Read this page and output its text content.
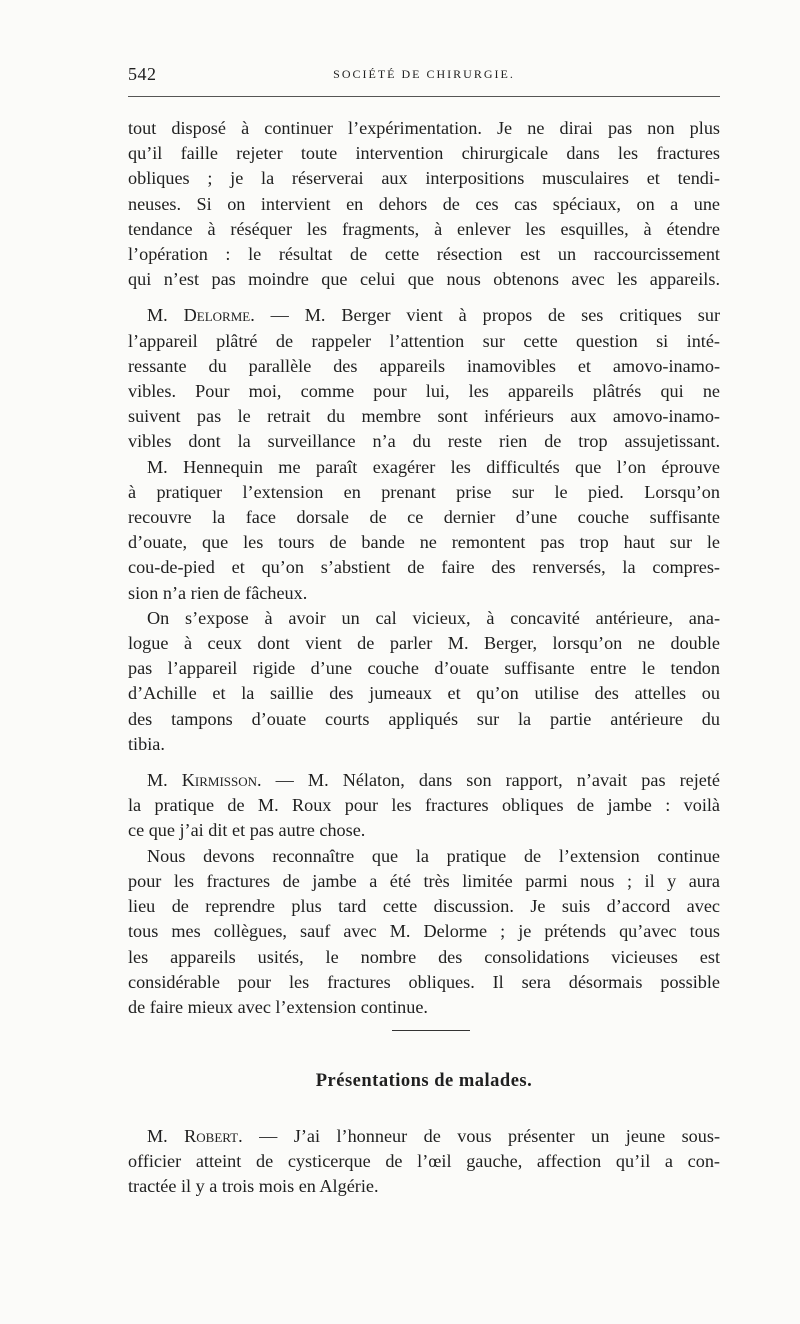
542	SOCIÉTÉ DE CHIRURGIE.

tout disposé à continuer l’expérimentation. Je ne dirai pas non plus
qu’il faille rejeter toute intervention chirurgicale dans les fractures
obliques ; je la réserverai aux interpositions musculaires et tendi-
neuses. Si on intervient en dehors de ces cas spéciaux, on a une
tendance à réséquer les fragments, à enlever les esquilles, à étendre
l’opération : le résultat de cette résection est un raccourcissement
qui n’est pas moindre que celui que nous obtenons avec les appareils.

M. Delorme. — M. Berger vient à propos de ses critiques sur
l’appareil plâtré de rappeler l’attention sur cette question si inté-
ressante du parallèle des appareils inamovibles et amovo-inamo-
vibles. Pour moi, comme pour lui, les appareils plâtrés qui ne
suivent pas le retrait du membre sont inférieurs aux amovo-inamo-
vibles dont la surveillance n’a du reste rien de trop assujetissant.

M. Hennequin me paraît exagérer les difficultés que l’on éprouve
à pratiquer l’extension en prenant prise sur le pied. Lorsqu’on
recouvre la face dorsale de ce dernier d’une couche suffisante
d’ouate, que les tours de bande ne remontent pas trop haut sur le
cou-de-pied et qu’on s’abstient de faire des renversés, la compres-
sion n’a rien de fâcheux.

On s’expose à avoir un cal vicieux, à concavité antérieure, ana-
logue à ceux dont vient de parler M. Berger, lorsqu’on ne double
pas l’appareil rigide d’une couche d’ouate suffisante entre le tendon
d’Achille et la saillie des jumeaux et qu’on utilise des attelles ou
des tampons d’ouate courts appliqués sur la partie antérieure du
tibia.

M. Kirmisson. — M. Nélaton, dans son rapport, n’avait pas rejeté
la pratique de M. Roux pour les fractures obliques de jambe : voilà
ce que j’ai dit et pas autre chose.

Nous devons reconnaître que la pratique de l’extension continue
pour les fractures de jambe a été très limitée parmi nous ; il y aura
lieu de reprendre plus tard cette discussion. Je suis d’accord avec
tous mes collègues, sauf avec M. Delorme ; je prétends qu’avec tous
les appareils usités, le nombre des consolidations vicieuses est
considérable pour les fractures obliques. Il sera désormais possible
de faire mieux avec l’extension continue.

Présentations de malades.

M. Robert. — J’ai l’honneur de vous présenter un jeune sous-
officier atteint de cysticerque de l’œil gauche, affection qu’il a con-
tractée il y a trois mois en Algérie.
